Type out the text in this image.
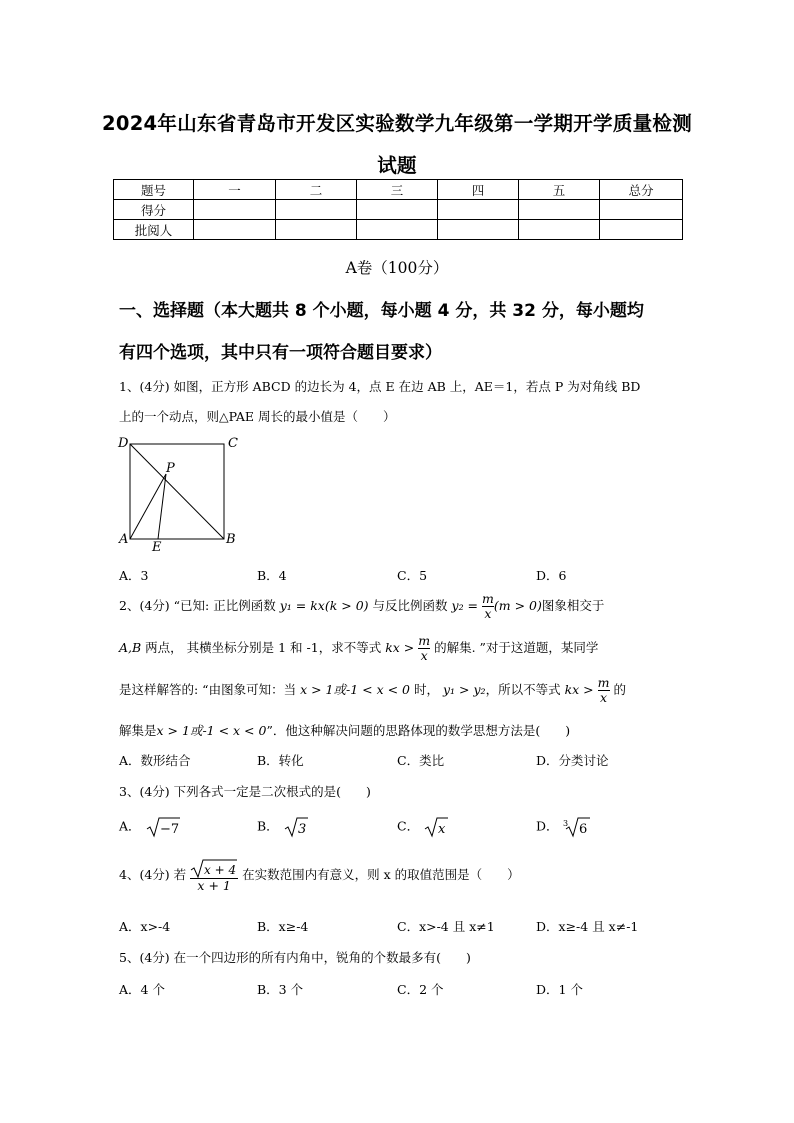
2024年山东省青岛市开发区实验数学九年级第一学期开学质量检测
试题
题号	一	二	三	四	五	总分
得分						
批阅人						
A卷（100分）
一、选择题（本大题共 8 个小题，每小题 4 分，共 32 分，每小题均
有四个选项，其中只有一项符合题目要求）
1、(4分) 如图，正方形 ABCD 的边长为 4，点 E 在边 AB 上，AE＝1，若点 P 为对角线 BD
上的一个动点，则△PAE 周长的最小值是（　　）
D	C
P
A
E
B
A．3	B．4	C．5	D．6
2、(4分) “已知: 正比例函数 y₁ = kx(k > 0) 与反比例函数 $y_2 = \frac{m}{x} (m > 0)$图象相交于
A,B 两点， 其横坐标分别是 1 和 -1，求不等式 kx > $\frac{m}{x}$ 的解集. ”对于这道题，某同学
是这样解答的: “由图象可知：当 x > 1或-1 < x < 0 时， y₁ > y₂，所以不等式 kx > $\frac{m}{x}$ 的
解集是x > 1或-1 < x < 0”．他这种解决问题的思路体现的数学思想方法是(　　)
A．数形结合	B．转化	C．类比	D．分类讨论
3、(4分) 下列各式一定是二次根式的是(　　)
A． −7	B． 3	C． x	D． 3 6
4、(4分) 若 $\frac{x + 4}{x + 1}$ 在实数范围内有意义，则 x 的取值范围是（　　）
A．x>-4	B．x≥-4	C．x>-4 且 x≠1	D．x≥-4 且 x≠-1
5、(4分) 在一个四边形的所有内角中，锐角的个数最多有(　　)
A．4 个	B．3 个	C．2 个	D．1 个
